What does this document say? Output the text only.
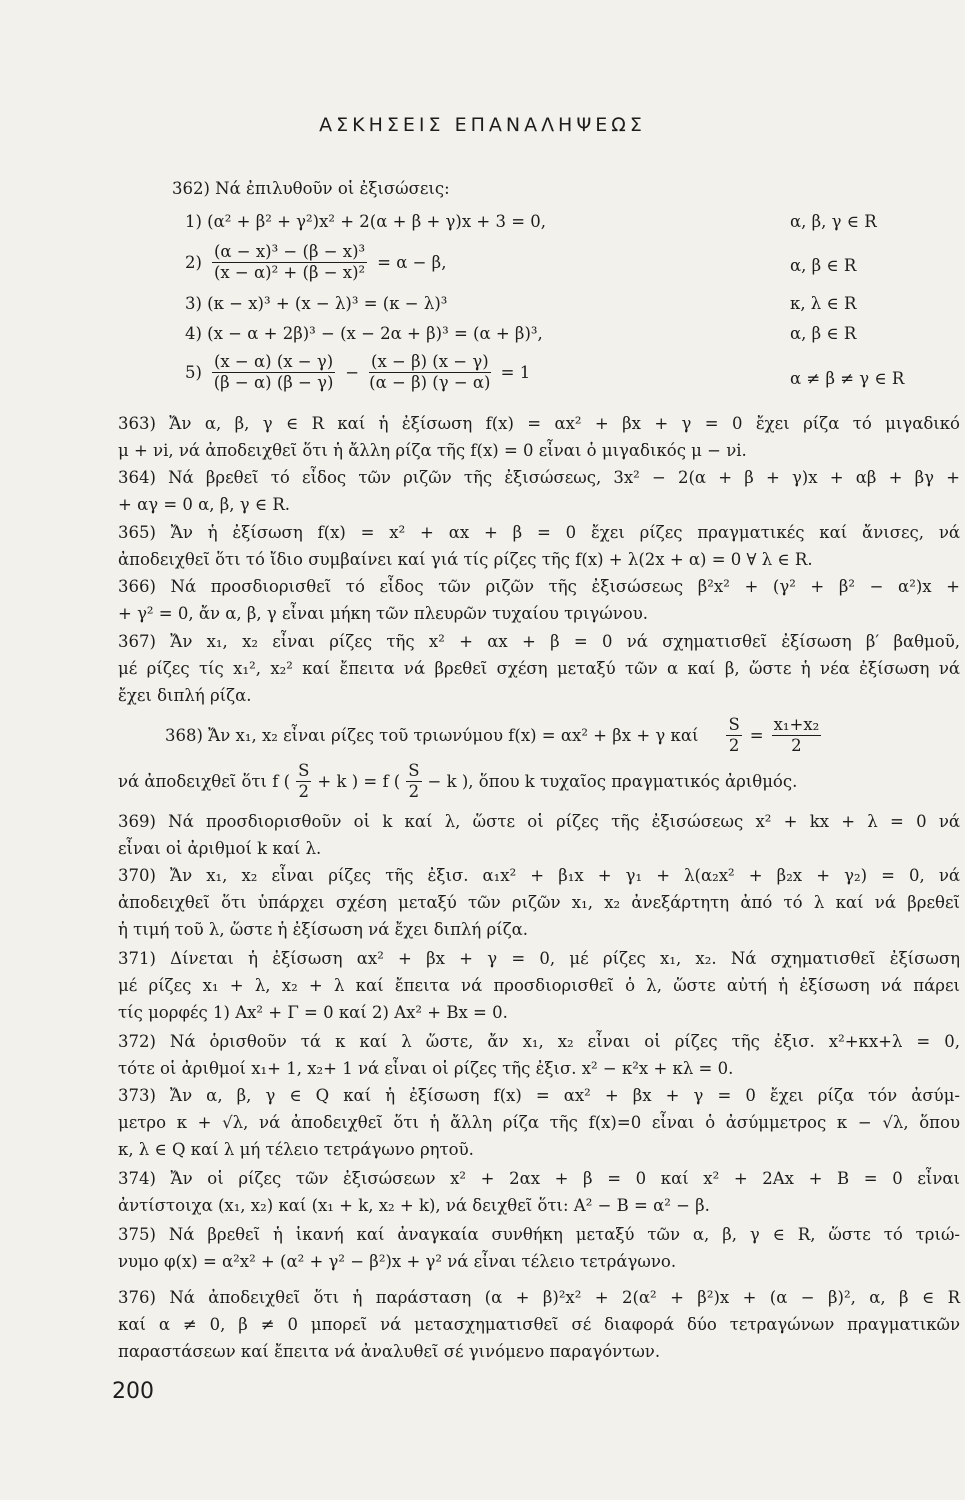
ΑΣΚΗΣΕΙΣ ΕΠΑΝΑΛΗΨΕΩΣ
362) Νά ἐπιλυθοῦν οἱ ἐξισώσεις:
1) (α² + β² + γ²)x² + 2(α + β + γ)x + 3 = 0,	α, β, γ ∈ R
$2) \frac{\text{(α − x)³ − (β − x)³}}{\text{(x − α)² + (β − x)²}} = \alpha - \beta$,	α, β ∈ R
3) (κ − x)³ + (x − λ)³ = (κ − λ)³	κ, λ ∈ R
4) (x − α + 2β)³ − (x − 2α + β)³ = (α + β)³,	α, β ∈ R
$5) \frac{(x - \alpha) (x - \gamma)}{(\beta - \alpha) (\beta - \gamma)} - \frac{(x - \beta) (x - \gamma)}{(\alpha - \beta) (\gamma - \alpha)} = 1$	α ≠ β ≠ γ ∈ R
363) Ἄν α, β, γ ∈ R καί ἡ ἐξίσωση f(x) = αx² + βx + γ = 0 ἔχει ρίζα τό μιγαδικό
μ + νi, νά ἀποδειχθεῖ ὅτι ἡ ἄλλη ρίζα τῆς f(x) = 0 εἶναι ὁ μιγαδικός μ − νi.
364) Νά βρεθεῖ τό εἶδος τῶν ριζῶν τῆς ἐξισώσεως, 3x² − 2(α + β + γ)x + αβ + βγ +
+ αγ = 0 α, β, γ ∈ R.
365) Ἄν ἡ ἐξίσωση f(x) = x² + αx + β = 0 ἔχει ρίζες πραγματικές καί ἄνισες, νά
ἀποδειχθεῖ ὅτι τό ἴδιο συμβαίνει καί γιά τίς ρίζες τῆς f(x) + λ(2x + α) = 0 ∀ λ ∈ R.
366) Νά προσδιορισθεῖ τό εἶδος τῶν ριζῶν τῆς ἐξισώσεως β²x² + (γ² + β² − α²)x +
+ γ² = 0, ἄν α, β, γ εἶναι μήκη τῶν πλευρῶν τυχαίου τριγώνου.
367) Ἄν x₁, x₂ εἶναι ρίζες τῆς x² + αx + β = 0 νά σχηματισθεῖ ἐξίσωση β′ βαθμοῦ,
μέ ρίζες τίς x₁², x₂² καί ἔπειτα νά βρεθεῖ σχέση μεταξύ τῶν α καί β, ὥστε ἡ νέα ἐξίσωση νά
ἔχει διπλή ρίζα.
368) Ἄν x₁, x₂ εἶναι ρίζες τοῦ τριωνύμου f(x) = αx² + βx + γ καί $\frac{S}{2} = \frac{\text{x₁+x₂}}{2}$
νά ἀποδειχθεῖ ὅτι f ( $\frac{S}{2} + k$ ) = f ( $\frac{S}{2} - k$ ), ὅπου k τυχαῖος πραγματικός ἀριθμός.
369) Νά προσδιορισθοῦν οἱ k καί λ, ὥστε οἱ ρίζες τῆς ἐξισώσεως x² + kx + λ = 0 νά
εἶναι οἱ ἀριθμοί k καί λ.
370) Ἄν x₁, x₂ εἶναι ρίζες τῆς ἐξισ. α₁x² + β₁x + γ₁ + λ(α₂x² + β₂x + γ₂) = 0, νά
ἀποδειχθεῖ ὅτι ὑπάρχει σχέση μεταξύ τῶν ριζῶν x₁, x₂ ἀνεξάρτητη ἀπό τό λ καί νά βρεθεῖ
ἡ τιμή τοῦ λ, ὥστε ἡ ἐξίσωση νά ἔχει διπλή ρίζα.
371) Δίνεται ἡ ἐξίσωση αx² + βx + γ = 0, μέ ρίζες x₁, x₂. Νά σχηματισθεῖ ἐξίσωση
μέ ρίζες x₁ + λ, x₂ + λ καί ἔπειτα νά προσδιορισθεῖ ὁ λ, ὥστε αὐτή ἡ ἐξίσωση νά πάρει
τίς μορφές 1) Ax² + Γ = 0 καί 2) Ax² + Bx = 0.
372) Νά ὁρισθοῦν τά κ καί λ ὥστε, ἄν x₁, x₂ εἶναι οἱ ρίζες τῆς ἐξισ. x²+κx+λ = 0,
τότε οἱ ἀριθμοί x₁+ 1, x₂+ 1 νά εἶναι οἱ ρίζες τῆς ἐξισ. x² − κ²x + κλ = 0.
373) Ἄν α, β, γ ∈ Q καί ἡ ἐξίσωση f(x) = αx² + βx + γ = 0 ἔχει ρίζα τόν ἀσύμ-
μετρο κ + √λ, νά ἀποδειχθεῖ ὅτι ἡ ἄλλη ρίζα τῆς f(x)=0 εἶναι ὁ ἀσύμμετρος κ − √λ, ὅπου
κ, λ ∈ Q καί λ μή τέλειο τετράγωνο ρητοῦ.
374) Ἄν οἱ ρίζες τῶν ἐξισώσεων x² + 2αx + β = 0 καί x² + 2Ax + B = 0 εἶναι
ἀντίστοιχα (x₁, x₂) καί (x₁ + k, x₂ + k), νά δειχθεῖ ὅτι: A² − B = α² − β.
375) Νά βρεθεῖ ἡ ἱκανή καί ἀναγκαία συνθήκη μεταξύ τῶν α, β, γ ∈ R, ὥστε τό τριώ-
νυμο φ(x) = α²x² + (α² + γ² − β²)x + γ² νά εἶναι τέλειο τετράγωνο.
376) Νά ἀποδειχθεῖ ὅτι ἡ παράσταση (α + β)²x² + 2(α² + β²)x + (α − β)², α, β ∈ R
καί α ≠ 0, β ≠ 0 μπορεῖ νά μετασχηματισθεῖ σέ διαφορά δύο τετραγώνων πραγματικῶν
παραστάσεων καί ἔπειτα νά ἀναλυθεῖ σέ γινόμενο παραγόντων.
200
